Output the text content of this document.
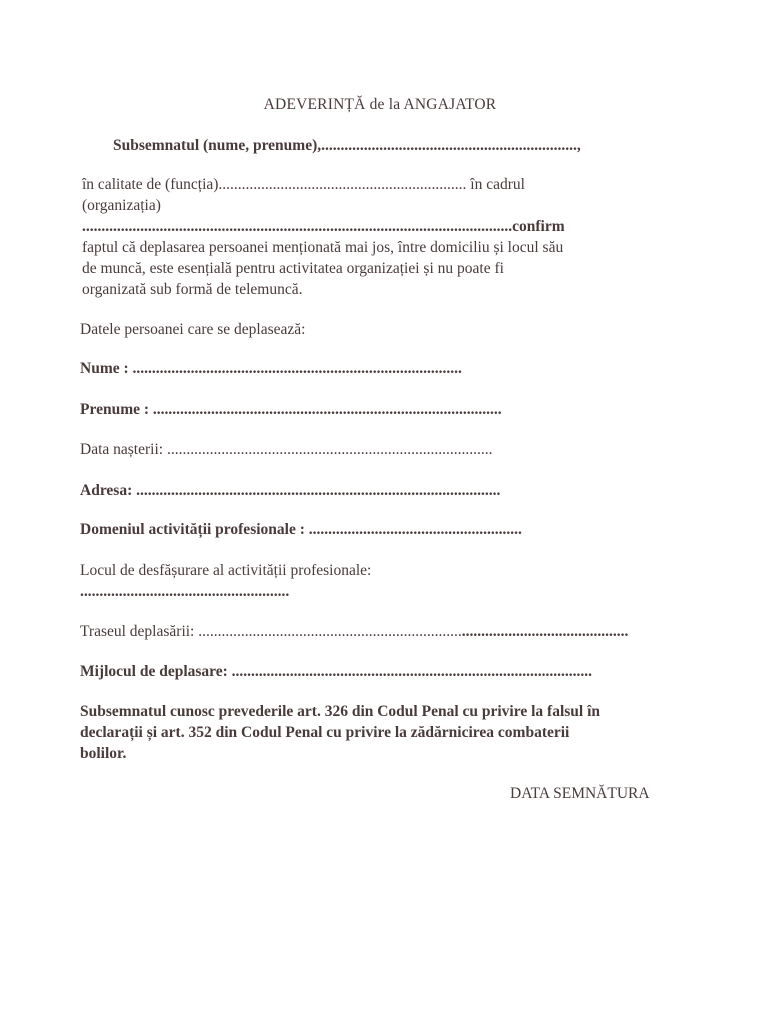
ADEVERINȚĂ de la ANGAJATOR
Subsemnatul (nume, prenume),..................................................................,
în calitate de (funcția)................................................................ în cadrul
(organizația)
...............................................................................................................confirm
faptul că deplasarea persoanei menționată mai jos, între domiciliu și locul său
de muncă, este esențială pentru activitatea organizației și nu poate fi
organizată sub formă de telemuncă.
Datele persoanei care se deplasează:
Nume : .....................................................................................
Prenume : ..........................................................................................
Data nașterii: ....................................................................................
Adresa: ..............................................................................................
Domeniul activității profesionale : .......................................................
Locul de desfășurare al activității profesionale:
......................................................
Traseul deplasării: ...............................................................................................................
Mijlocul de deplasare: .............................................................................................
Subsemnatul cunosc prevederile art. 326 din Codul Penal cu privire la falsul în
declarații și art. 352 din Codul Penal cu privire la zădărnicirea combaterii
bolilor.
DATA SEMNĂTURA
